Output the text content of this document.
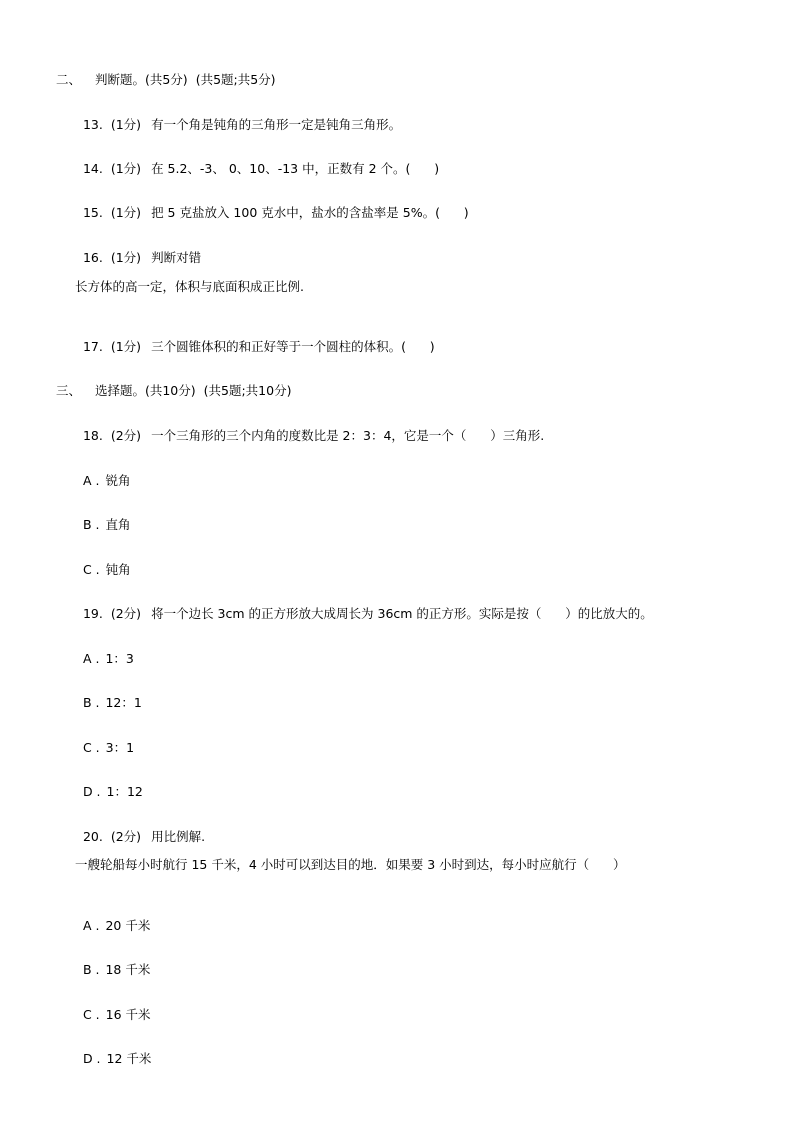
二、 判断题。(共5分) (共5题;共5分)

13. (1分) 有一个角是钝角的三角形一定是钝角三角形。

14. (1分) 在 5.2、-3、 0、10、-13 中，正数有 2 个。(      )

15. (1分) 把 5 克盐放入 100 克水中，盐水的含盐率是 5%。(      )

16. (1分) 判断对错

长方体的高一定，体积与底面积成正比例.

17. (1分) 三个圆锥体积的和正好等于一个圆柱的体积。(      )

三、 选择题。(共10分) (共5题;共10分)

18. (2分) 一个三角形的三个内角的度数比是 2：3：4，它是一个（      ）三角形.

A . 锐角

B . 直角

C . 钝角

19. (2分) 将一个边长 3cm 的正方形放大成周长为 36cm 的正方形。实际是按（      ）的比放大的。

A . 1：3

B . 12：1

C . 3：1

D . 1：12

20. (2分) 用比例解.

一艘轮船每小时航行 15 千米，4 小时可以到达目的地．如果要 3 小时到达，每小时应航行（      ）

A . 20 千米

B . 18 千米

C . 16 千米

D . 12 千米
